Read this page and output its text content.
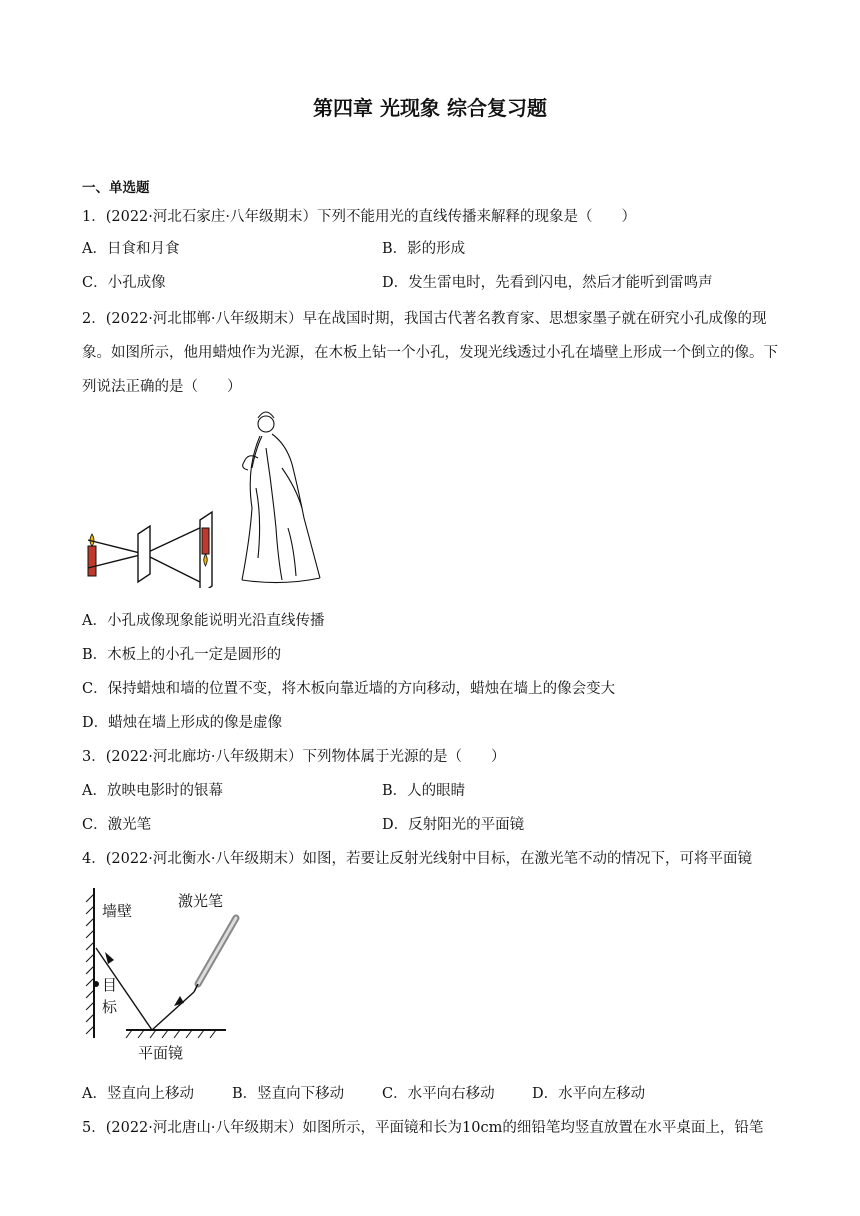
第四章 光现象 综合复习题
一、单选题
1．(2022·河北石家庄·八年级期末）下列不能用光的直线传播来解释的现象是（　　）
A．日食和月食	B．影的形成
C．小孔成像	D．发生雷电时，先看到闪电，然后才能听到雷鸣声
2．(2022·河北邯郸·八年级期末）早在战国时期，我国古代著名教育家、思想家墨子就在研究小孔成像的现象。如图所示，他用蜡烛作为光源，在木板上钻一个小孔，发现光线透过小孔在墙壁上形成一个倒立的像。下列说法正确的是（　　）
A．小孔成像现象能说明光沿直线传播
B．木板上的小孔一定是圆形的
C．保持蜡烛和墙的位置不变，将木板向靠近墙的方向移动，蜡烛在墙上的像会变大
D．蜡烛在墙上形成的像是虚像
3．(2022·河北廊坊·八年级期末）下列物体属于光源的是（　　）
A．放映电影时的银幕	B．人的眼睛
C．激光笔	D．反射阳光的平面镜
4．(2022·河北衡水·八年级期末）如图，若要让反射光线射中目标，在激光笔不动的情况下，可将平面镜
墙壁
激光笔
目
标
平面镜
A．竖直向上移动	B．竖直向下移动	C．水平向右移动	D．水平向左移动
5．(2022·河北唐山·八年级期末）如图所示，平面镜和长为10cm的细铅笔均竖直放置在水平桌面上，铅笔
